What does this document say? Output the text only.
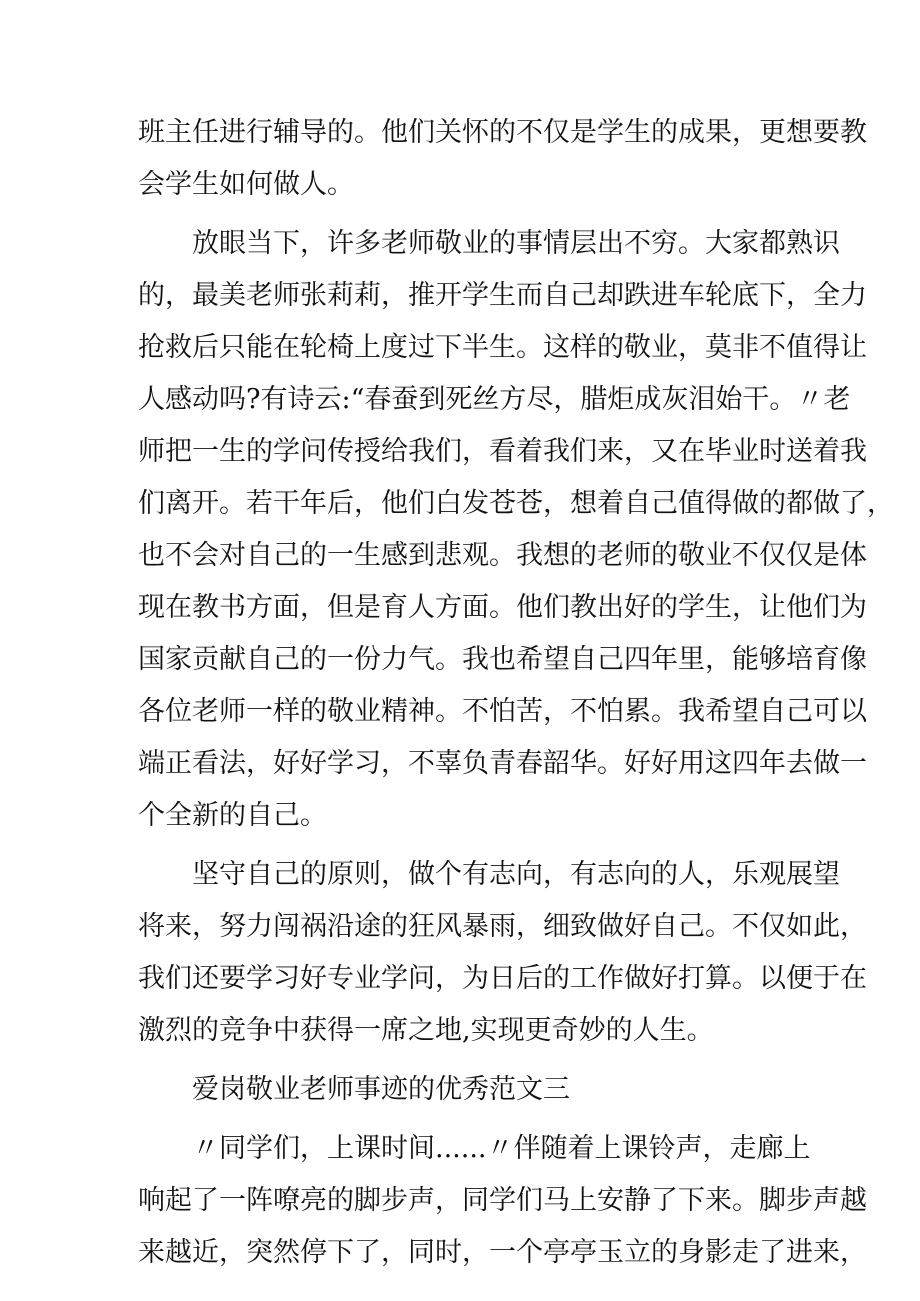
班主任进行辅导的。他们关怀的不仅是学生的成果，更想要教
会学生如何做人。
放眼当下，许多老师敬业的事情层出不穷。大家都熟识
的，最美老师张莉莉，推开学生而自己却跌进车轮底下，全力
抢救后只能在轮椅上度过下半生。这样的敬业，莫非不值得让
人感动吗?有诗云:“春蚕到死丝方尽，腊炬成灰泪始干。〃老
师把一生的学问传授给我们，看着我们来，又在毕业时送着我
们离开。若干年后，他们白发苍苍，想着自己值得做的都做了，
也不会对自己的一生感到悲观。我想的老师的敬业不仅仅是体
现在教书方面，但是育人方面。他们教出好的学生，让他们为
国家贡献自己的一份力气。我也希望自己四年里，能够培育像
各位老师一样的敬业精神。不怕苦，不怕累。我希望自己可以
端正看法，好好学习，不辜负青春韶华。好好用这四年去做一
个全新的自己。
坚守自己的原则，做个有志向，有志向的人，乐观展望
将来，努力闯祸沿途的狂风暴雨，细致做好自己。不仅如此，
我们还要学习好专业学问，为日后的工作做好打算。以便于在
激烈的竞争中获得一席之地,实现更奇妙的人生。
爱岗敬业老师事迹的优秀范文三
〃同学们，上课时间......〃伴随着上课铃声，走廊上
响起了一阵嘹亮的脚步声，同学们马上安静了下来。脚步声越
来越近，突然停下了，同时，一个亭亭玉立的身影走了进来，
